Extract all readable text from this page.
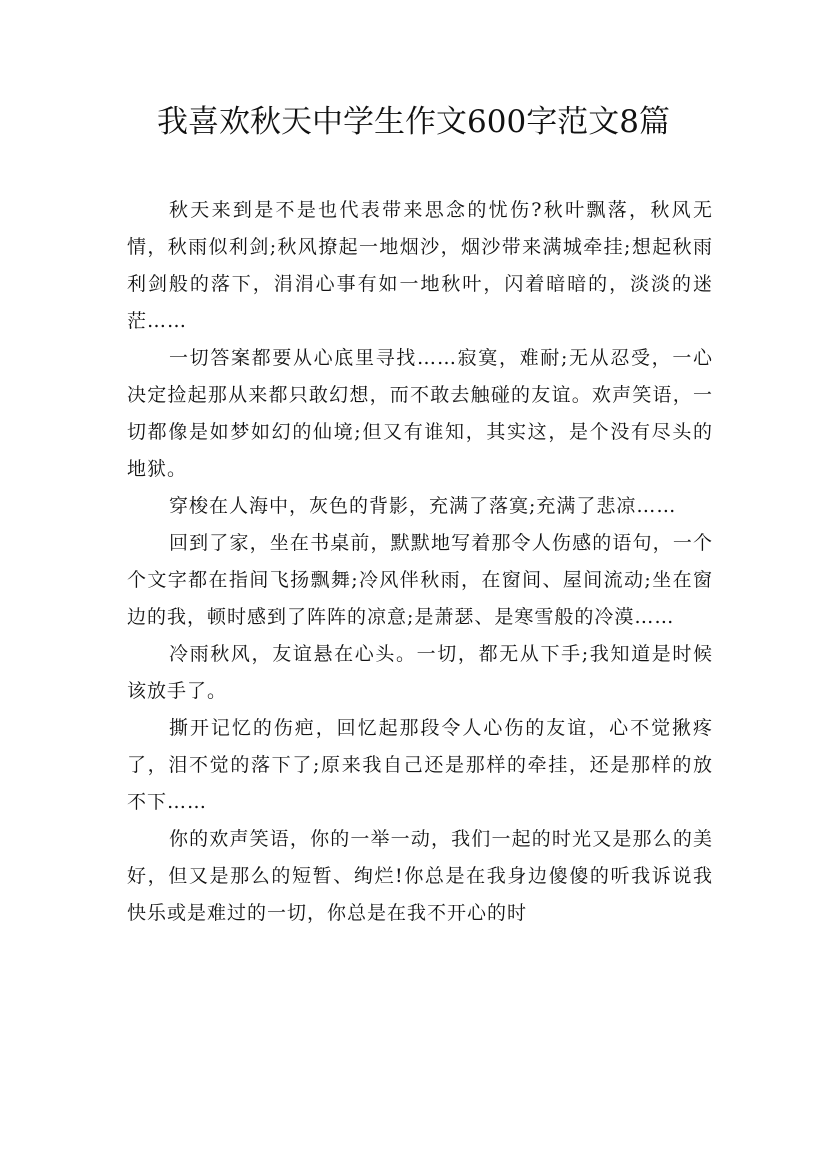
我喜欢秋天中学生作文600字范文8篇

秋天来到是不是也代表带来思念的忧伤?秋叶飘落，秋风无情，秋雨似利剑;秋风撩起一地烟沙，烟沙带来满城牵挂;想起秋雨利剑般的落下，涓涓心事有如一地秋叶，闪着暗暗的，淡淡的迷茫……

一切答案都要从心底里寻找……寂寞，难耐;无从忍受，一心决定捡起那从来都只敢幻想，而不敢去触碰的友谊。欢声笑语，一切都像是如梦如幻的仙境;但又有谁知，其实这，是个没有尽头的地狱。

穿梭在人海中，灰色的背影，充满了落寞;充满了悲凉……

回到了家，坐在书桌前，默默地写着那令人伤感的语句，一个个文字都在指间飞扬飘舞;冷风伴秋雨，在窗间、屋间流动;坐在窗边的我，顿时感到了阵阵的凉意;是萧瑟、是寒雪般的冷漠……

冷雨秋风，友谊悬在心头。一切，都无从下手;我知道是时候该放手了。

撕开记忆的伤疤，回忆起那段令人心伤的友谊，心不觉揪疼了，泪不觉的落下了;原来我自己还是那样的牵挂，还是那样的放不下……

你的欢声笑语，你的一举一动，我们一起的时光又是那么的美好，但又是那么的短暂、绚烂!你总是在我身边傻傻的听我诉说我快乐或是难过的一切，你总是在我不开心的时
